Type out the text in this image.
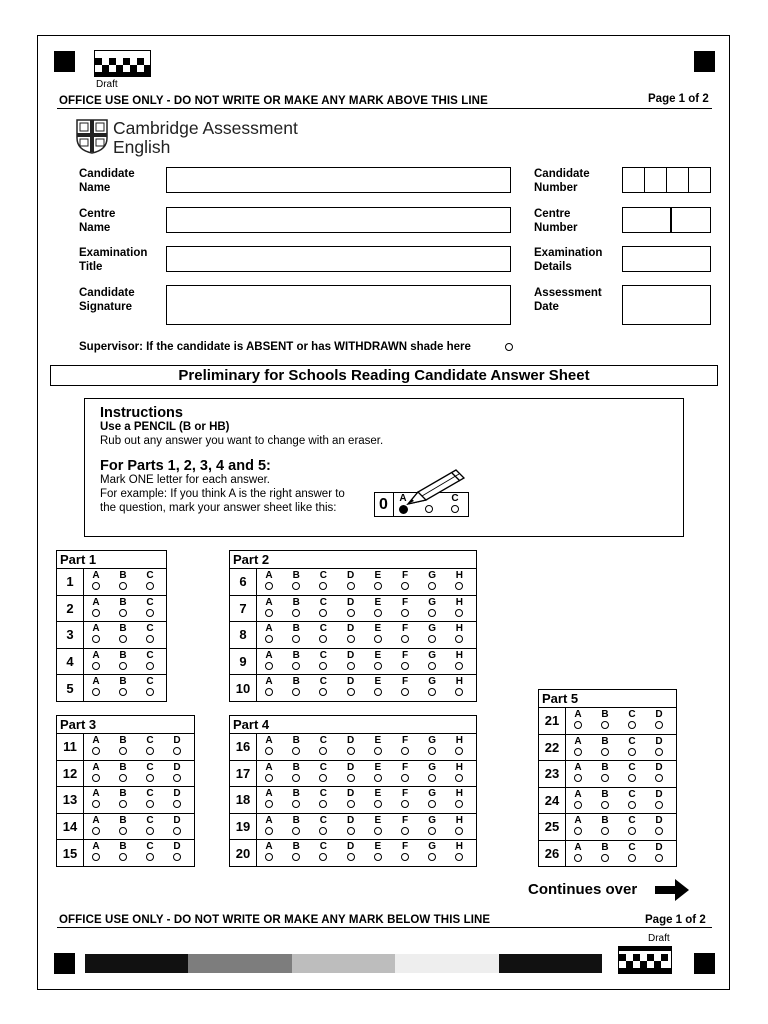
Draft
OFFICE USE ONLY - DO NOT WRITE OR MAKE ANY MARK ABOVE THIS LINE	Page 1 of 2
Cambridge Assessment
English
Candidate
Name
Centre
Name
Examination
Title
Candidate
Signature
Candidate
Number
Centre
Number
Examination
Details
Assessment
Date
Supervisor: If the candidate is ABSENT or has WITHDRAWN shade here
Preliminary for Schools Reading Candidate Answer Sheet
Instructions
Use a PENCIL (B or HB)
Rub out any answer you want to change with an eraser.
For Parts 1, 2, 3, 4 and 5:
Mark ONE letter for each answer.
For example: If you think A is the right answer to
the question, mark your answer sheet like this:	0	A	C
Part 1
1	A B C
2	A B C
3	A B C
4	A B C
5	A B C
Part 2
6	A B C D E F G H
7	A B C D E F G H
8	A B C D E F G H
9	A B C D E F G H
10	A B C D E F G H
Part 3
11	A B C D
12	A B C D
13	A B C D
14	A B C D
15	A B C D
Part 4
16	A B C D E F G H
17	A B C D E F G H
18	A B C D E F G H
19	A B C D E F G H
20	A B C D E F G H
Part 5
21	A B C D
22	A B C D
23	A B C D
24	A B C D
25	A B C D
26	A B C D
Continues over
OFFICE USE ONLY - DO NOT WRITE OR MAKE ANY MARK BELOW THIS LINE	Page 1 of 2
Draft
